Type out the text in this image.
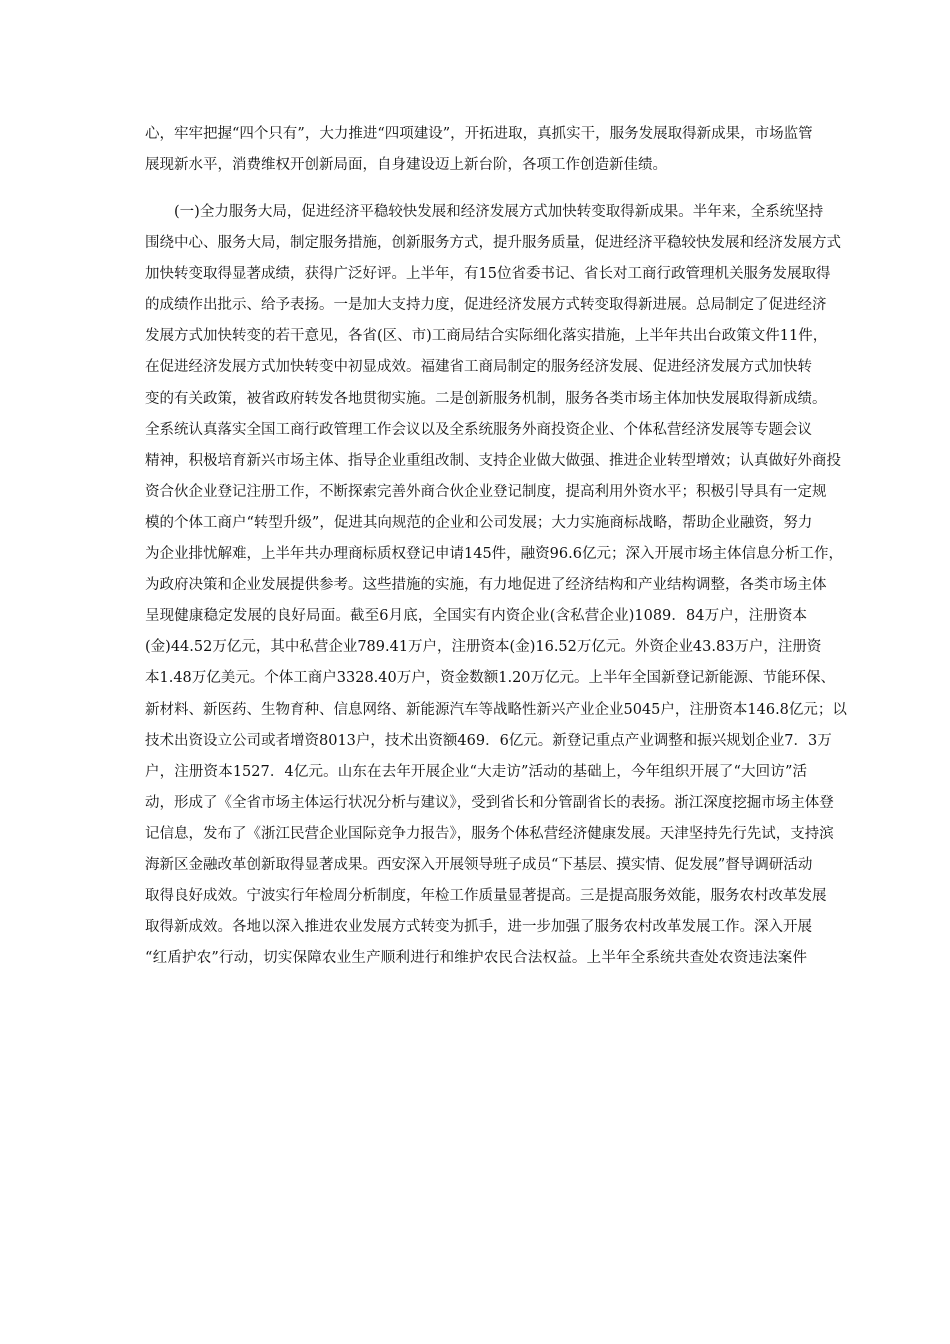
心，牢牢把握“四个只有”，大力推进“四项建设”，开拓进取，真抓实干，服务发展取得新成果，市场监管
展现新水平，消费维权开创新局面，自身建设迈上新台阶，各项工作创造新佳绩。
　　(一)全力服务大局，促进经济平稳较快发展和经济发展方式加快转变取得新成果。半年来，全系统坚持
围绕中心、服务大局，制定服务措施，创新服务方式，提升服务质量，促进经济平稳较快发展和经济发展方式
加快转变取得显著成绩，获得广泛好评。上半年，有15位省委书记、省长对工商行政管理机关服务发展取得
的成绩作出批示、给予表扬。一是加大支持力度，促进经济发展方式转变取得新进展。总局制定了促进经济
发展方式加快转变的若干意见，各省(区、市)工商局结合实际细化落实措施，上半年共出台政策文件11件，
在促进经济发展方式加快转变中初显成效。福建省工商局制定的服务经济发展、促进经济发展方式加快转
变的有关政策，被省政府转发各地贯彻实施。二是创新服务机制，服务各类市场主体加快发展取得新成绩。
全系统认真落实全国工商行政管理工作会议以及全系统服务外商投资企业、个体私营经济发展等专题会议
精神，积极培育新兴市场主体、指导企业重组改制、支持企业做大做强、推进企业转型增效；认真做好外商投
资合伙企业登记注册工作，不断探索完善外商合伙企业登记制度，提高利用外资水平；积极引导具有一定规
模的个体工商户“转型升级”，促进其向规范的企业和公司发展；大力实施商标战略，帮助企业融资，努力
为企业排忧解难，上半年共办理商标质权登记申请145件，融资96.6亿元；深入开展市场主体信息分析工作，
为政府决策和企业发展提供参考。这些措施的实施，有力地促进了经济结构和产业结构调整，各类市场主体
呈现健康稳定发展的良好局面。截至6月底，全国实有内资企业(含私营企业)1089．84万户，注册资本
(金)44.52万亿元，其中私营企业789.41万户，注册资本(金)16.52万亿元。外资企业43.83万户，注册资
本1.48万亿美元。个体工商户3328.40万户，资金数额1.20万亿元。上半年全国新登记新能源、节能环保、
新材料、新医药、生物育种、信息网络、新能源汽车等战略性新兴产业企业5045户，注册资本146.8亿元；以
技术出资设立公司或者增资8013户，技术出资额469．6亿元。新登记重点产业调整和振兴规划企业7．3万
户，注册资本1527．4亿元。山东在去年开展企业“大走访”活动的基础上，今年组织开展了“大回访”活
动，形成了《全省市场主体运行状况分析与建议》，受到省长和分管副省长的表扬。浙江深度挖掘市场主体登
记信息，发布了《浙江民营企业国际竞争力报告》，服务个体私营经济健康发展。天津坚持先行先试，支持滨
海新区金融改革创新取得显著成果。西安深入开展领导班子成员“下基层、摸实情、促发展”督导调研活动
取得良好成效。宁波实行年检周分析制度，年检工作质量显著提高。三是提高服务效能，服务农村改革发展
取得新成效。各地以深入推进农业发展方式转变为抓手，进一步加强了服务农村改革发展工作。深入开展
“红盾护农”行动，切实保障农业生产顺利进行和维护农民合法权益。上半年全系统共查处农资违法案件
